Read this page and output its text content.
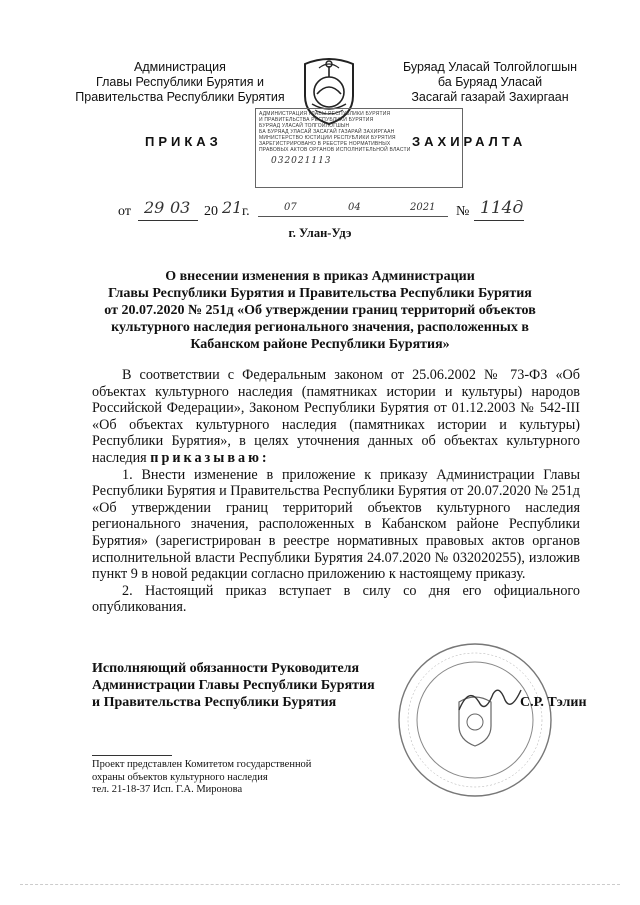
Администрация
Главы Республики Бурятия и
Правительства Республики Бурятия
Буряад Уласай Толгойлогшын
ба Буряад Уласай
Засагай газарай Захиргаан
ПРИКАЗ	ЗАХИРАЛТА
АДМИНИСТРАЦИЯ ГЛАВЫ РЕСПУБЛИКИ БУРЯТИЯ
И ПРАВИТЕЛЬСТВА РЕСПУБЛИКИ БУРЯТИЯ
БУРЯАД УЛАСАЙ ТОЛГОЙЛОГШЫН
БА БУРЯАД УЛАСАЙ ЗАСАГАЙ ГАЗАРАЙ ЗАХИРГААН
МИНИСТЕРСТВО ЮСТИЦИИ РЕСПУБЛИКИ БУРЯТИЯ
ЗАРЕГИСТРИРОВАНО В РЕЕСТРЕ НОРМАТИВНЫХ
ПРАВОВЫХ АКТОВ ОРГАНОВ ИСПОЛНИТЕЛЬНОЙ ВЛАСТИ
032021113
от 29 03 20 21 г.	07	04	2021 № 114д
г. Улан-Удэ
О внесении изменения в приказ Администрации
Главы Республики Бурятия и Правительства Республики Бурятия
от 20.07.2020 № 251д «Об утверждении границ территорий объектов
культурного наследия регионального значения, расположенных в
Кабанском районе Республики Бурятия»

В соответствии с Федеральным законом от 25.06.2002 № 73-ФЗ «Об объектах культурного наследия (памятниках истории и культуры) народов Российской Федерации», Законом Республики Бурятия от 01.12.2003 № 542-III «Об объектах культурного наследия (памятниках истории и культуры) Республики Бурятия», в целях уточнения данных об объектах культурного наследия приказываю:

1. Внести изменение в приложение к приказу Администрации Главы Республики Бурятия и Правительства Республики Бурятия от 20.07.2020 № 251д «Об утверждении границ территорий объектов культурного наследия регионального значения, расположенных в Кабанском районе Республики Бурятия» (зарегистрирован в реестре нормативных правовых актов органов исполнительной власти Республики Бурятия 24.07.2020 № 032020255), изложив пункт 9 в новой редакции согласно приложению к настоящему приказу.

2. Настоящий приказ вступает в силу со дня его официального опубликования.

Исполняющий обязанности Руководителя
Администрации Главы Республики Бурятия
и Правительства Республики Бурятия	С.Р. Тэлин
Проект представлен Комитетом государственной
охраны объектов культурного наследия
тел. 21-18-37 Исп. Г.А. Миронова
